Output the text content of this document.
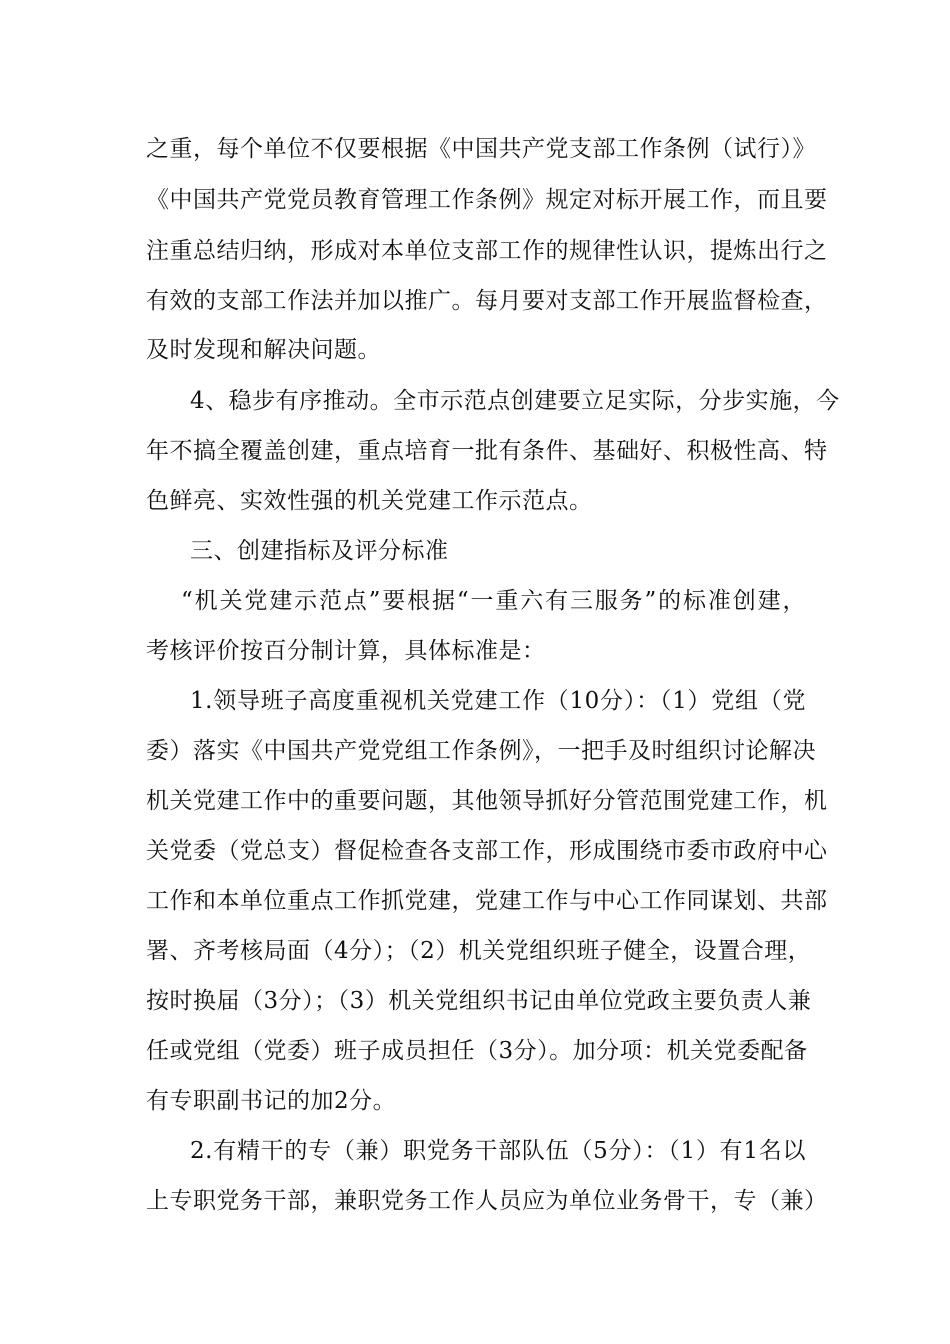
之重，每个单位不仅要根据《中国共产党支部工作条例（试行）》
《中国共产党党员教育管理工作条例》规定对标开展工作，而且要
注重总结归纳，形成对本单位支部工作的规律性认识，提炼出行之
有效的支部工作法并加以推广。每月要对支部工作开展监督检查，
及时发现和解决问题。
4、稳步有序推动。全市示范点创建要立足实际，分步实施，今
年不搞全覆盖创建，重点培育一批有条件、基础好、积极性高、特
色鲜亮、实效性强的机关党建工作示范点。
三、创建指标及评分标准
“机关党建示范点”要根据“一重六有三服务”的标准创建，
考核评价按百分制计算，具体标准是：
1.领导班子高度重视机关党建工作（10分）：（1）党组（党
委）落实《中国共产党党组工作条例》，一把手及时组织讨论解决
机关党建工作中的重要问题，其他领导抓好分管范围党建工作，机
关党委（党总支）督促检查各支部工作，形成围绕市委市政府中心
工作和本单位重点工作抓党建，党建工作与中心工作同谋划、共部
署、齐考核局面（4分）；（2）机关党组织班子健全，设置合理，
按时换届（3分）；（3）机关党组织书记由单位党政主要负责人兼
任或党组（党委）班子成员担任（3分）。加分项：机关党委配备
有专职副书记的加2分。
2.有精干的专（兼）职党务干部队伍（5分）：（1）有1名以
上专职党务干部，兼职党务工作人员应为单位业务骨干，专（兼）
